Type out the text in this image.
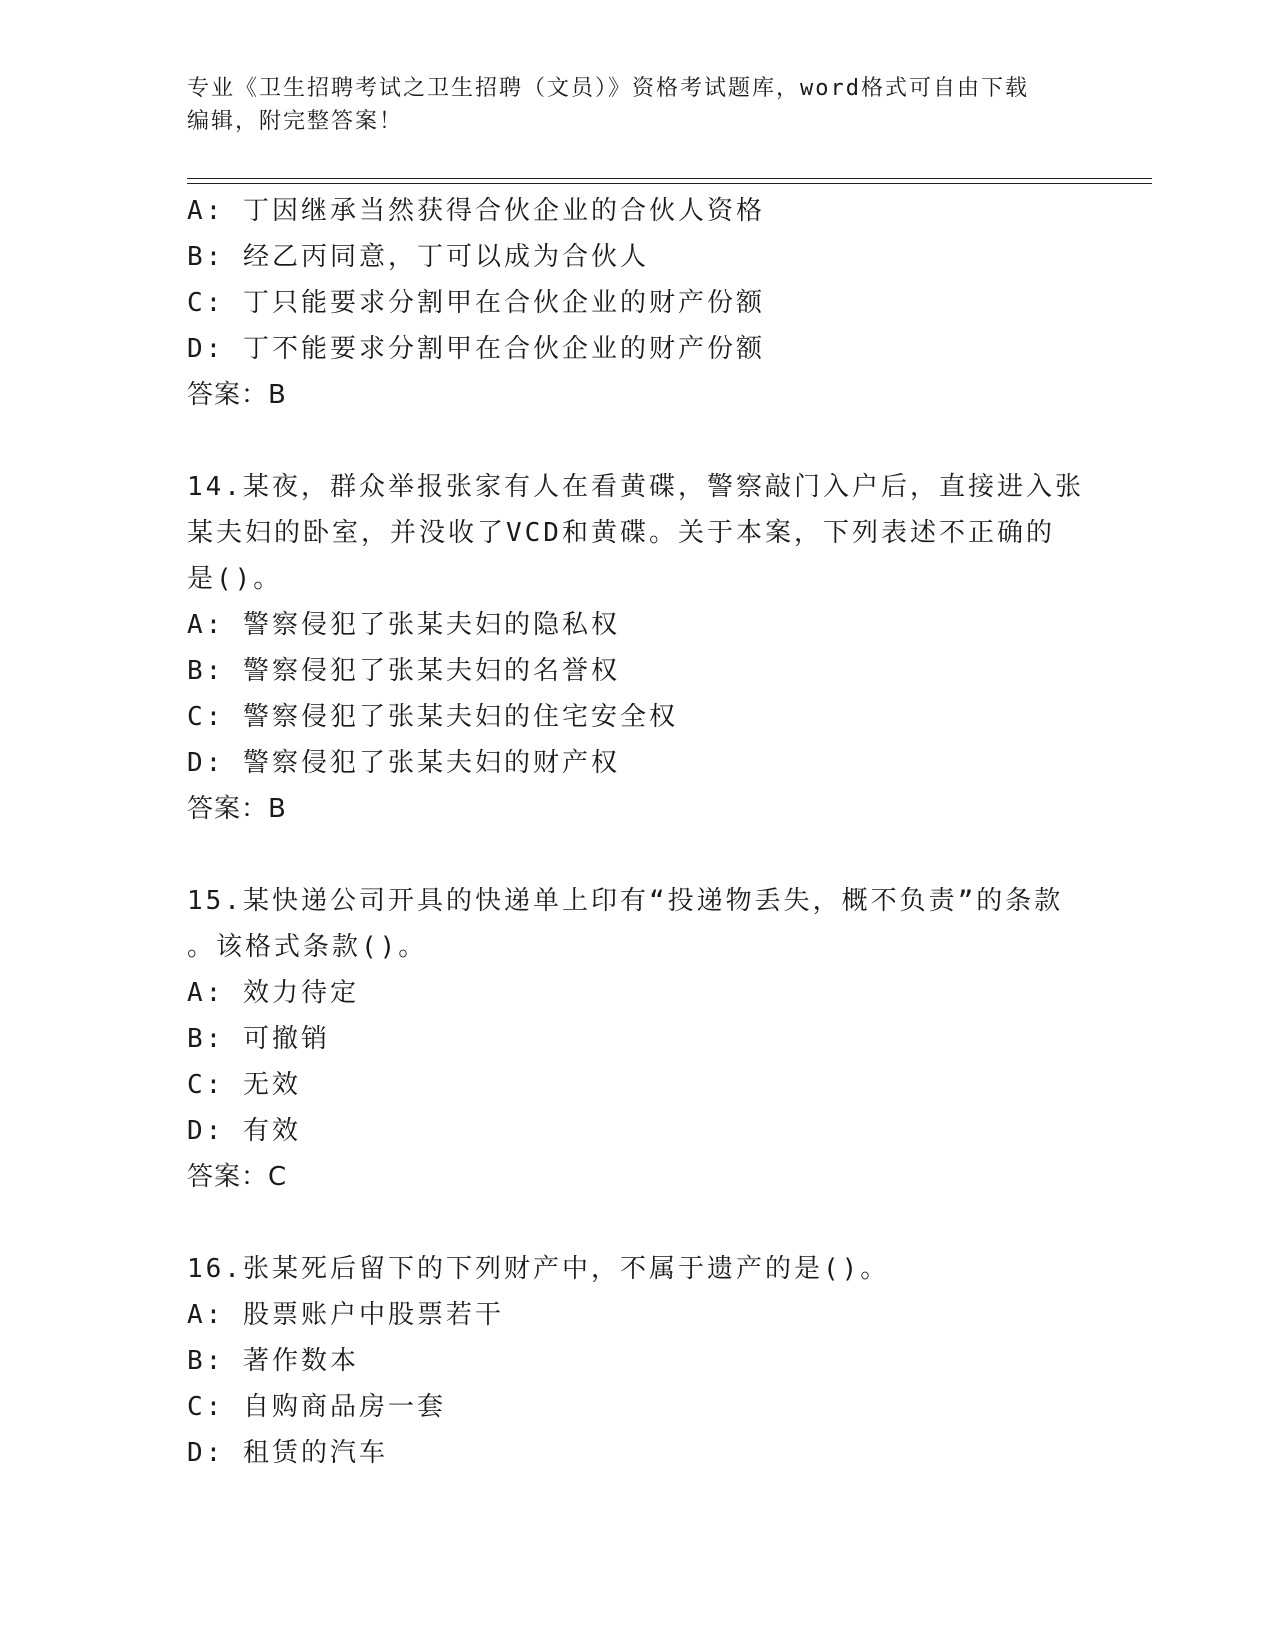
专业《卫生招聘考试之卫生招聘（文员）》资格考试题库，word格式可自由下载
编辑，附完整答案！
A: 丁因继承当然获得合伙企业的合伙人资格
B: 经乙丙同意，丁可以成为合伙人
C: 丁只能要求分割甲在合伙企业的财产份额
D: 丁不能要求分割甲在合伙企业的财产份额
答案：B
14.某夜，群众举报张家有人在看黄碟，警察敲门入户后，直接进入张
某夫妇的卧室，并没收了VCD和黄碟。关于本案，下列表述不正确的
是()。
A: 警察侵犯了张某夫妇的隐私权
B: 警察侵犯了张某夫妇的名誉权
C: 警察侵犯了张某夫妇的住宅安全权
D: 警察侵犯了张某夫妇的财产权
答案：B
15.某快递公司开具的快递单上印有“投递物丢失，概不负责”的条款
。该格式条款()。
A: 效力待定
B: 可撤销
C: 无效
D: 有效
答案：C
16.张某死后留下的下列财产中，不属于遗产的是()。
A: 股票账户中股票若干
B: 著作数本
C: 自购商品房一套
D: 租赁的汽车
